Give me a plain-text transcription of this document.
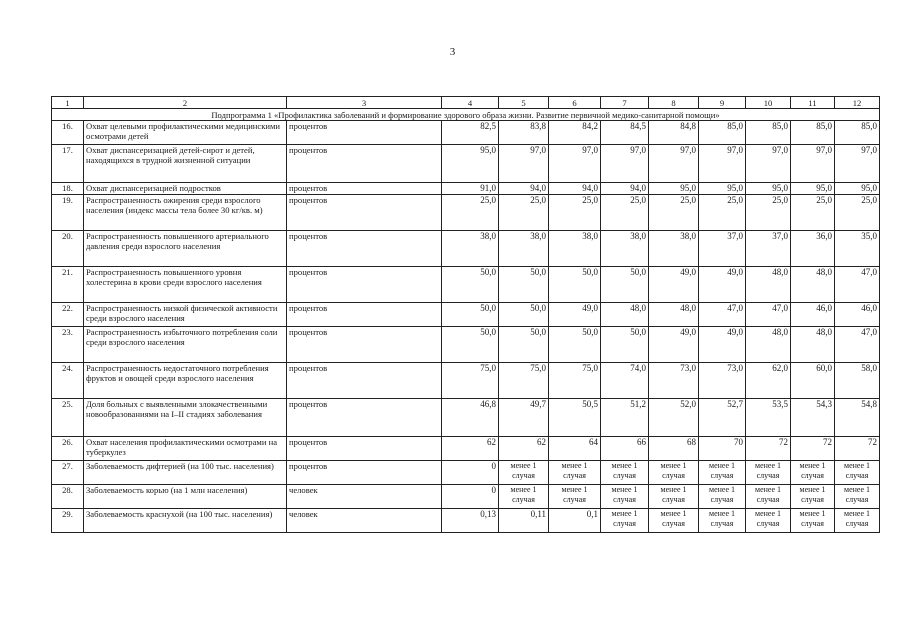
3
1	2	3	4	5	6	7	8	9	10	11	12
Подпрограмма 1 «Профилактика заболеваний и формирование здорового образа жизни. Развитие первичной медико-санитарной помощи»											
16.	Охват целевыми профилактическими медицинскими осмотрами детей	процентов	82,5	83,8	84,2	84,5	84,8	85,0	85,0	85,0	85,0
17.	Охват диспансеризацией детей-сирот и детей, находящихся в трудной жизненной ситуации	процентов	95,0	97,0	97,0	97,0	97,0	97,0	97,0	97,0	97,0
18.	Охват диспансеризацией подростков	процентов	91,0	94,0	94,0	94,0	95,0	95,0	95,0	95,0	95,0
19.	Распространенность ожирения среди взрослого населения (индекс массы тела более 30 кг/кв. м)	процентов	25,0	25,0	25,0	25,0	25,0	25,0	25,0	25,0	25,0
20.	Распространенность повышенного артериального давления среди взрослого населения	процентов	38,0	38,0	38,0	38,0	38,0	37,0	37,0	36,0	35,0
21.	Распространенность повышенного уровня холестерина в крови среди взрослого населения	процентов	50,0	50,0	50,0	50,0	49,0	49,0	48,0	48,0	47,0
22.	Распространенность низкой физической активности среди взрослого населения	процентов	50,0	50,0	49,0	48,0	48,0	47,0	47,0	46,0	46,0
23.	Распространенность избыточного потребления соли среди взрослого населения	процентов	50,0	50,0	50,0	50,0	49,0	49,0	48,0	48,0	47,0
24.	Распространенность недостаточного потребления фруктов и овощей среди взрослого населения	процентов	75,0	75,0	75,0	74,0	73,0	73,0	62,0	60,0	58,0
25.	Доля больных с выявленными злокачественными новообразованиями на I–II стадиях заболевания	процентов	46,8	49,7	50,5	51,2	52,0	52,7	53,5	54,3	54,8
26.	Охват населения профилактическими осмотрами на туберкулез	процентов	62	62	64	66	68	70	72	72	72
27.	Заболеваемость дифтерией (на 100 тыс. населения)	процентов	0	менее 1 случая	менее 1 случая	менее 1 случая	менее 1 случая	менее 1 случая	менее 1 случая	менее 1 случая	менее 1 случая
28.	Заболеваемость корью (на 1 млн населения)	человек	0	менее 1 случая	менее 1 случая	менее 1 случая	менее 1 случая	менее 1 случая	менее 1 случая	менее 1 случая	менее 1 случая
29.	Заболеваемость краснухой (на 100 тыс. населения)	человек	0,13	0,11	0,1	менее 1 случая	менее 1 случая	менее 1 случая	менее 1 случая	менее 1 случая	менее 1 случая
